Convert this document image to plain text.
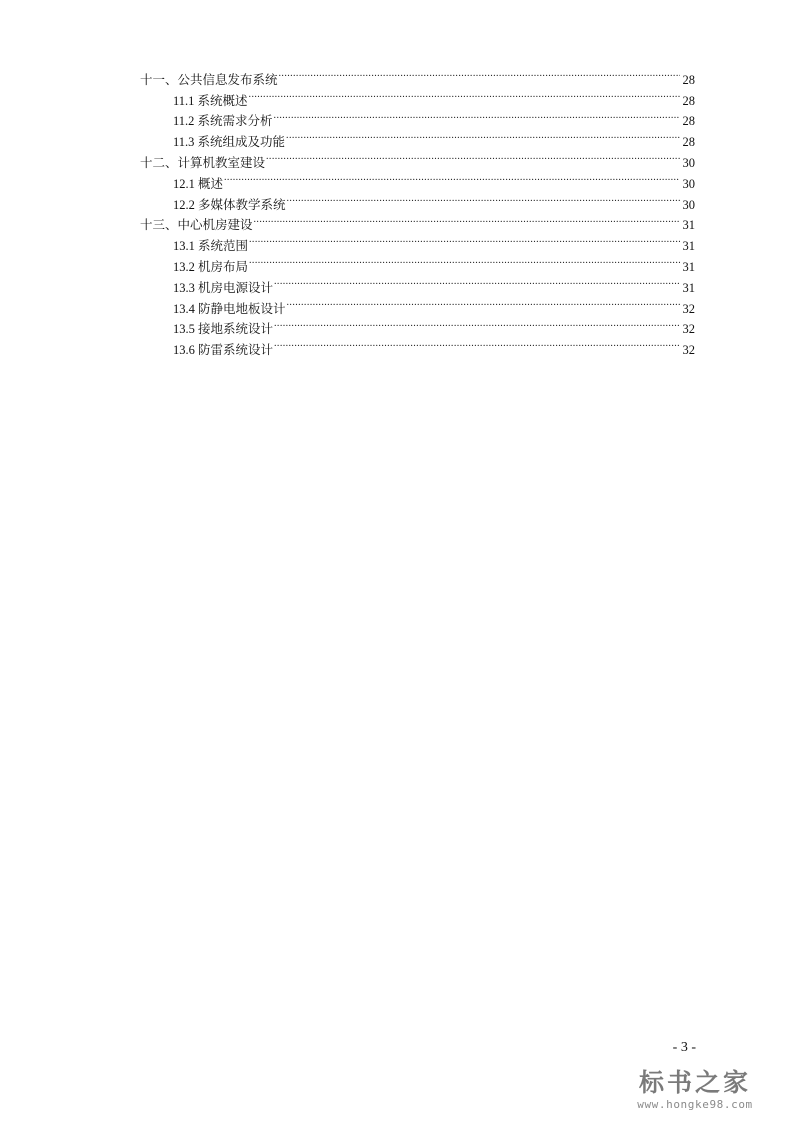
十一、公共信息发布系统 .....	28
11.1 系统概述 .....	28
11.2 系统需求分析 .....	28
11.3 系统组成及功能 .....	28
十二、计算机教室建设 .....	30
12.1 概述 .....	30
12.2 多媒体教学系统 .....	30
十三、中心机房建设 .....	31
13.1 系统范围 .....	31
13.2 机房布局 .....	31
13.3 机房电源设计 .....	31
13.4 防静电地板设计 .....	32
13.5 接地系统设计 .....	32
13.6 防雷系统设计 .....	32
- 3 -
标书之家
www.hongke98.com
